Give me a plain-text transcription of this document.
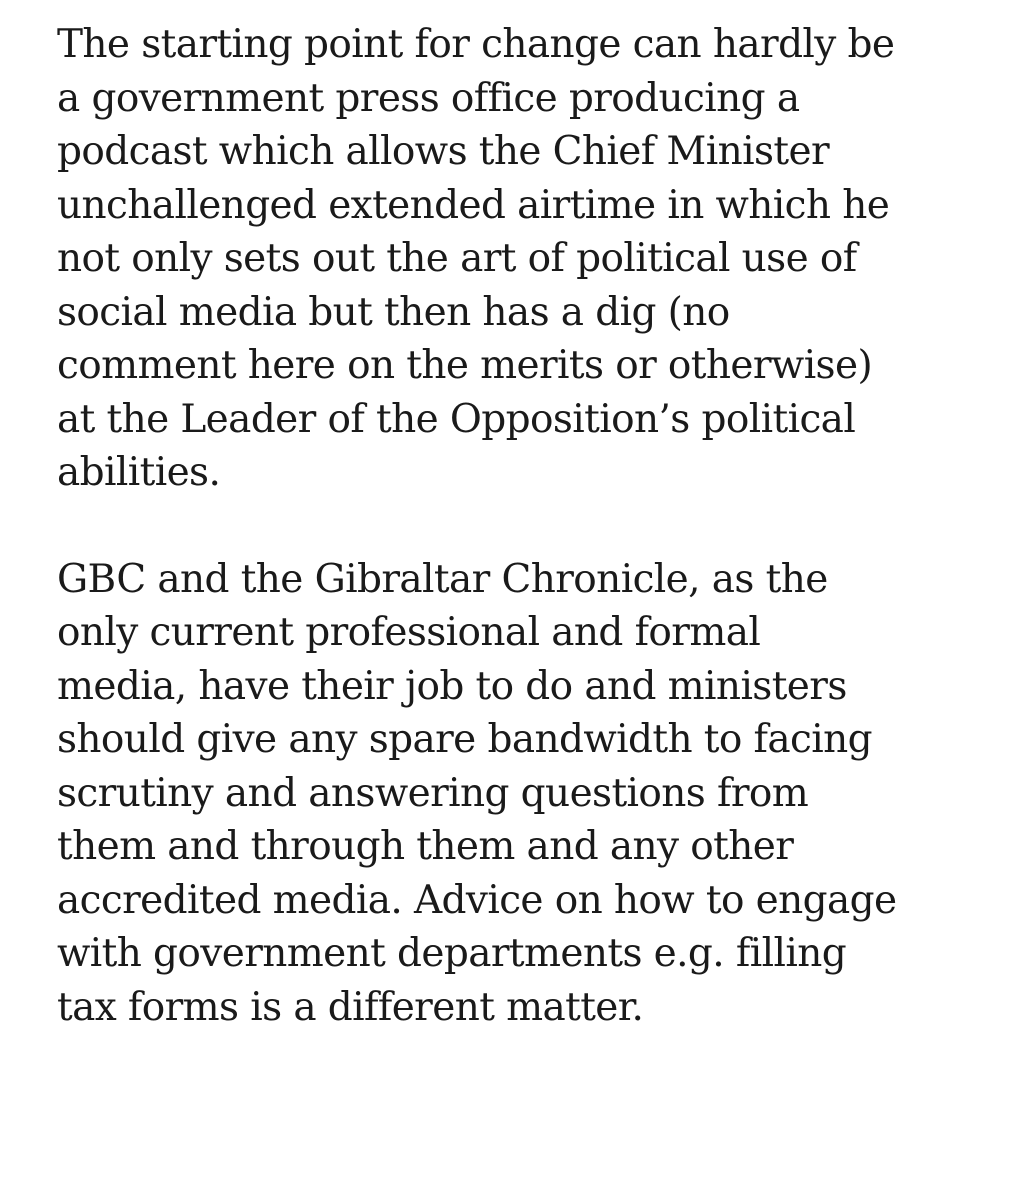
The starting point for change can hardly be
a government press office producing a
podcast which allows the Chief Minister
unchallenged extended airtime in which he
not only sets out the art of political use of
social media but then has a dig (no
comment here on the merits or otherwise)
at the Leader of the Opposition’s political
abilities.

GBC and the Gibraltar Chronicle, as the
only current professional and formal
media, have their job to do and ministers
should give any spare bandwidth to facing
scrutiny and answering questions from
them and through them and any other
accredited media. Advice on how to engage
with government departments e.g. filling
tax forms is a different matter.
